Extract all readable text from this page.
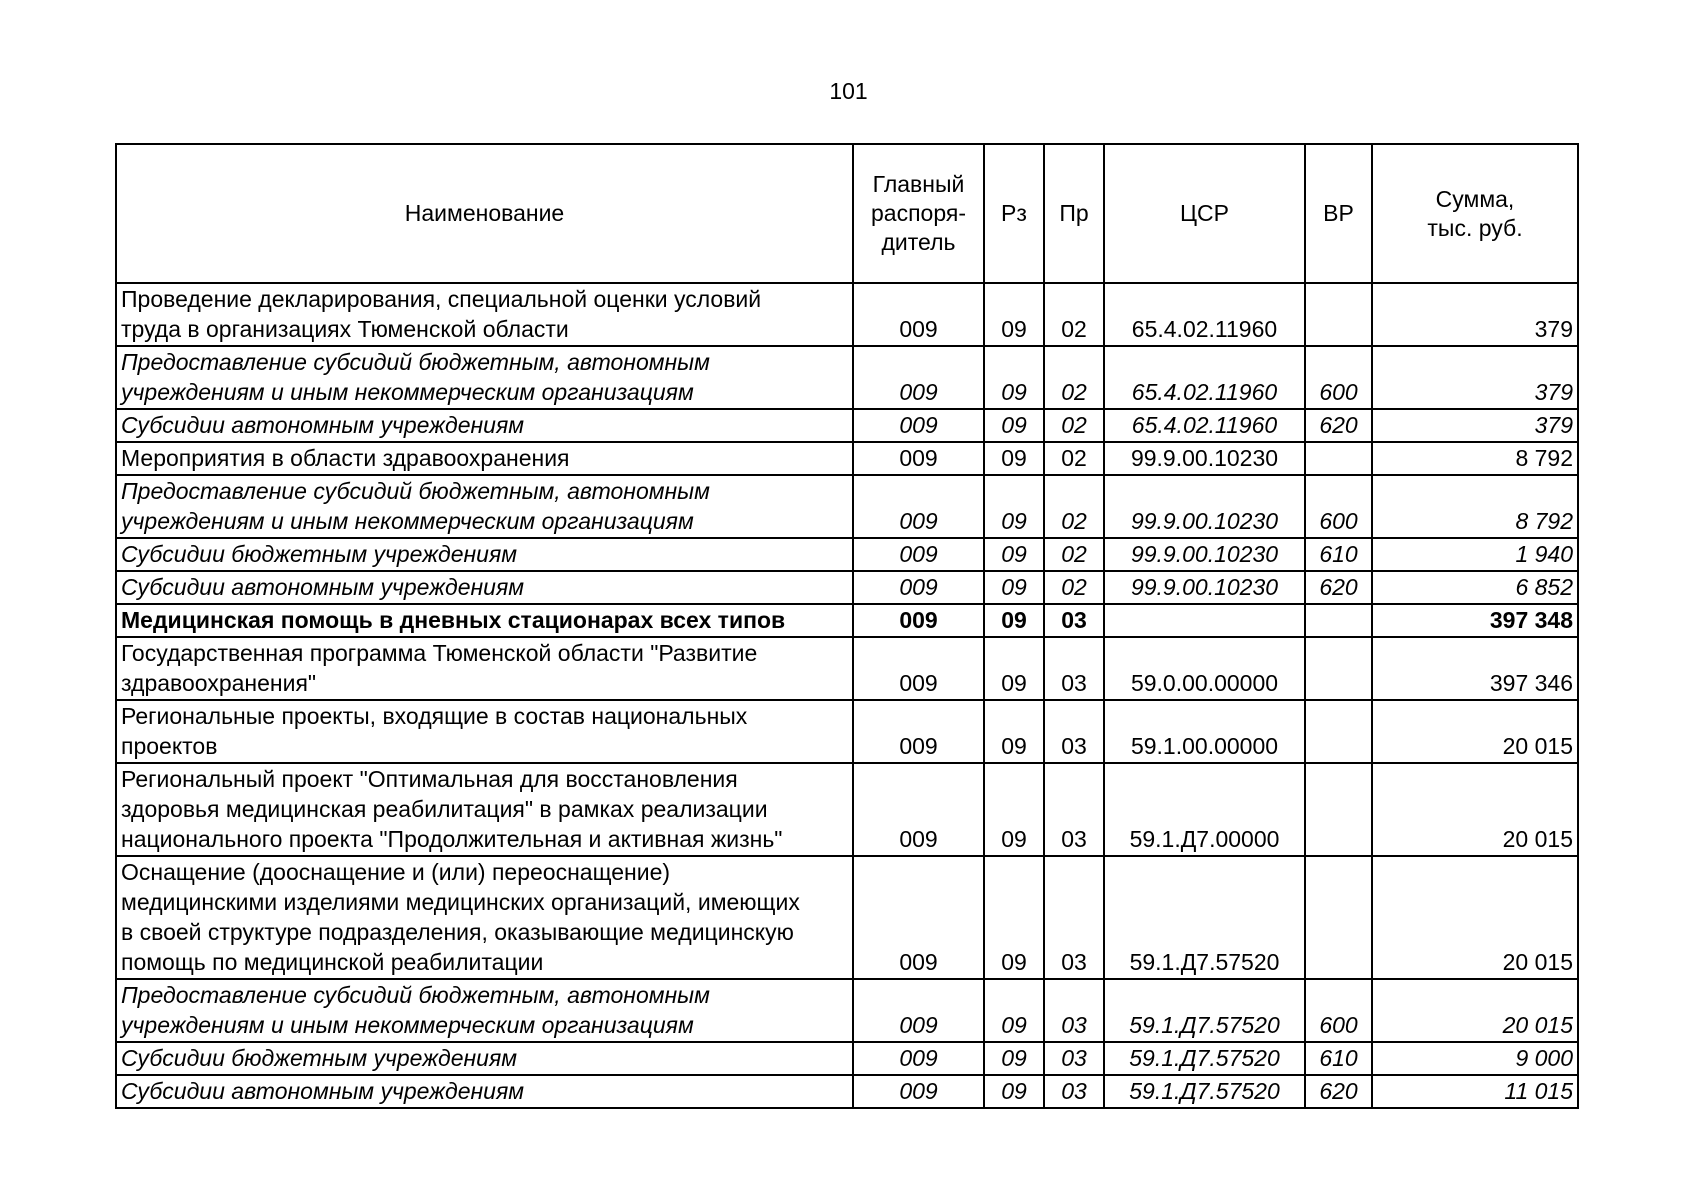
101
Наименование	Главный
распоря-
дитель	Рз	Пр	ЦСР	ВР	Сумма,
тыс. руб.
Проведение декларирования, специальной оценки условий
труда в организациях Тюменской области	009	09	02	65.4.02.11960		379
Предоставление субсидий бюджетным, автономным
учреждениям и иным некоммерческим организациям	009	09	02	65.4.02.11960	600	379
Субсидии автономным учреждениям	009	09	02	65.4.02.11960	620	379
Мероприятия в области здравоохранения	009	09	02	99.9.00.10230		8 792
Предоставление субсидий бюджетным, автономным
учреждениям и иным некоммерческим организациям	009	09	02	99.9.00.10230	600	8 792
Субсидии бюджетным учреждениям	009	09	02	99.9.00.10230	610	1 940
Субсидии автономным учреждениям	009	09	02	99.9.00.10230	620	6 852
Медицинская помощь в дневных стационарах всех типов	009	09	03			397 348
Государственная программа Тюменской области "Развитие
здравоохранения"	009	09	03	59.0.00.00000		397 346
Региональные проекты, входящие в состав национальных
проектов	009	09	03	59.1.00.00000		20 015
Региональный проект "Оптимальная для восстановления
здоровья медицинская реабилитация" в рамках реализации
национального проекта "Продолжительная и активная жизнь"	009	09	03	59.1.Д7.00000		20 015
Оснащение (дооснащение и (или) переоснащение)
медицинскими изделиями медицинских организаций, имеющих
в своей структуре подразделения, оказывающие медицинскую
помощь по медицинской реабилитации	009	09	03	59.1.Д7.57520		20 015
Предоставление субсидий бюджетным, автономным
учреждениям и иным некоммерческим организациям	009	09	03	59.1.Д7.57520	600	20 015
Субсидии бюджетным учреждениям	009	09	03	59.1.Д7.57520	610	9 000
Субсидии автономным учреждениям	009	09	03	59.1.Д7.57520	620	11 015
